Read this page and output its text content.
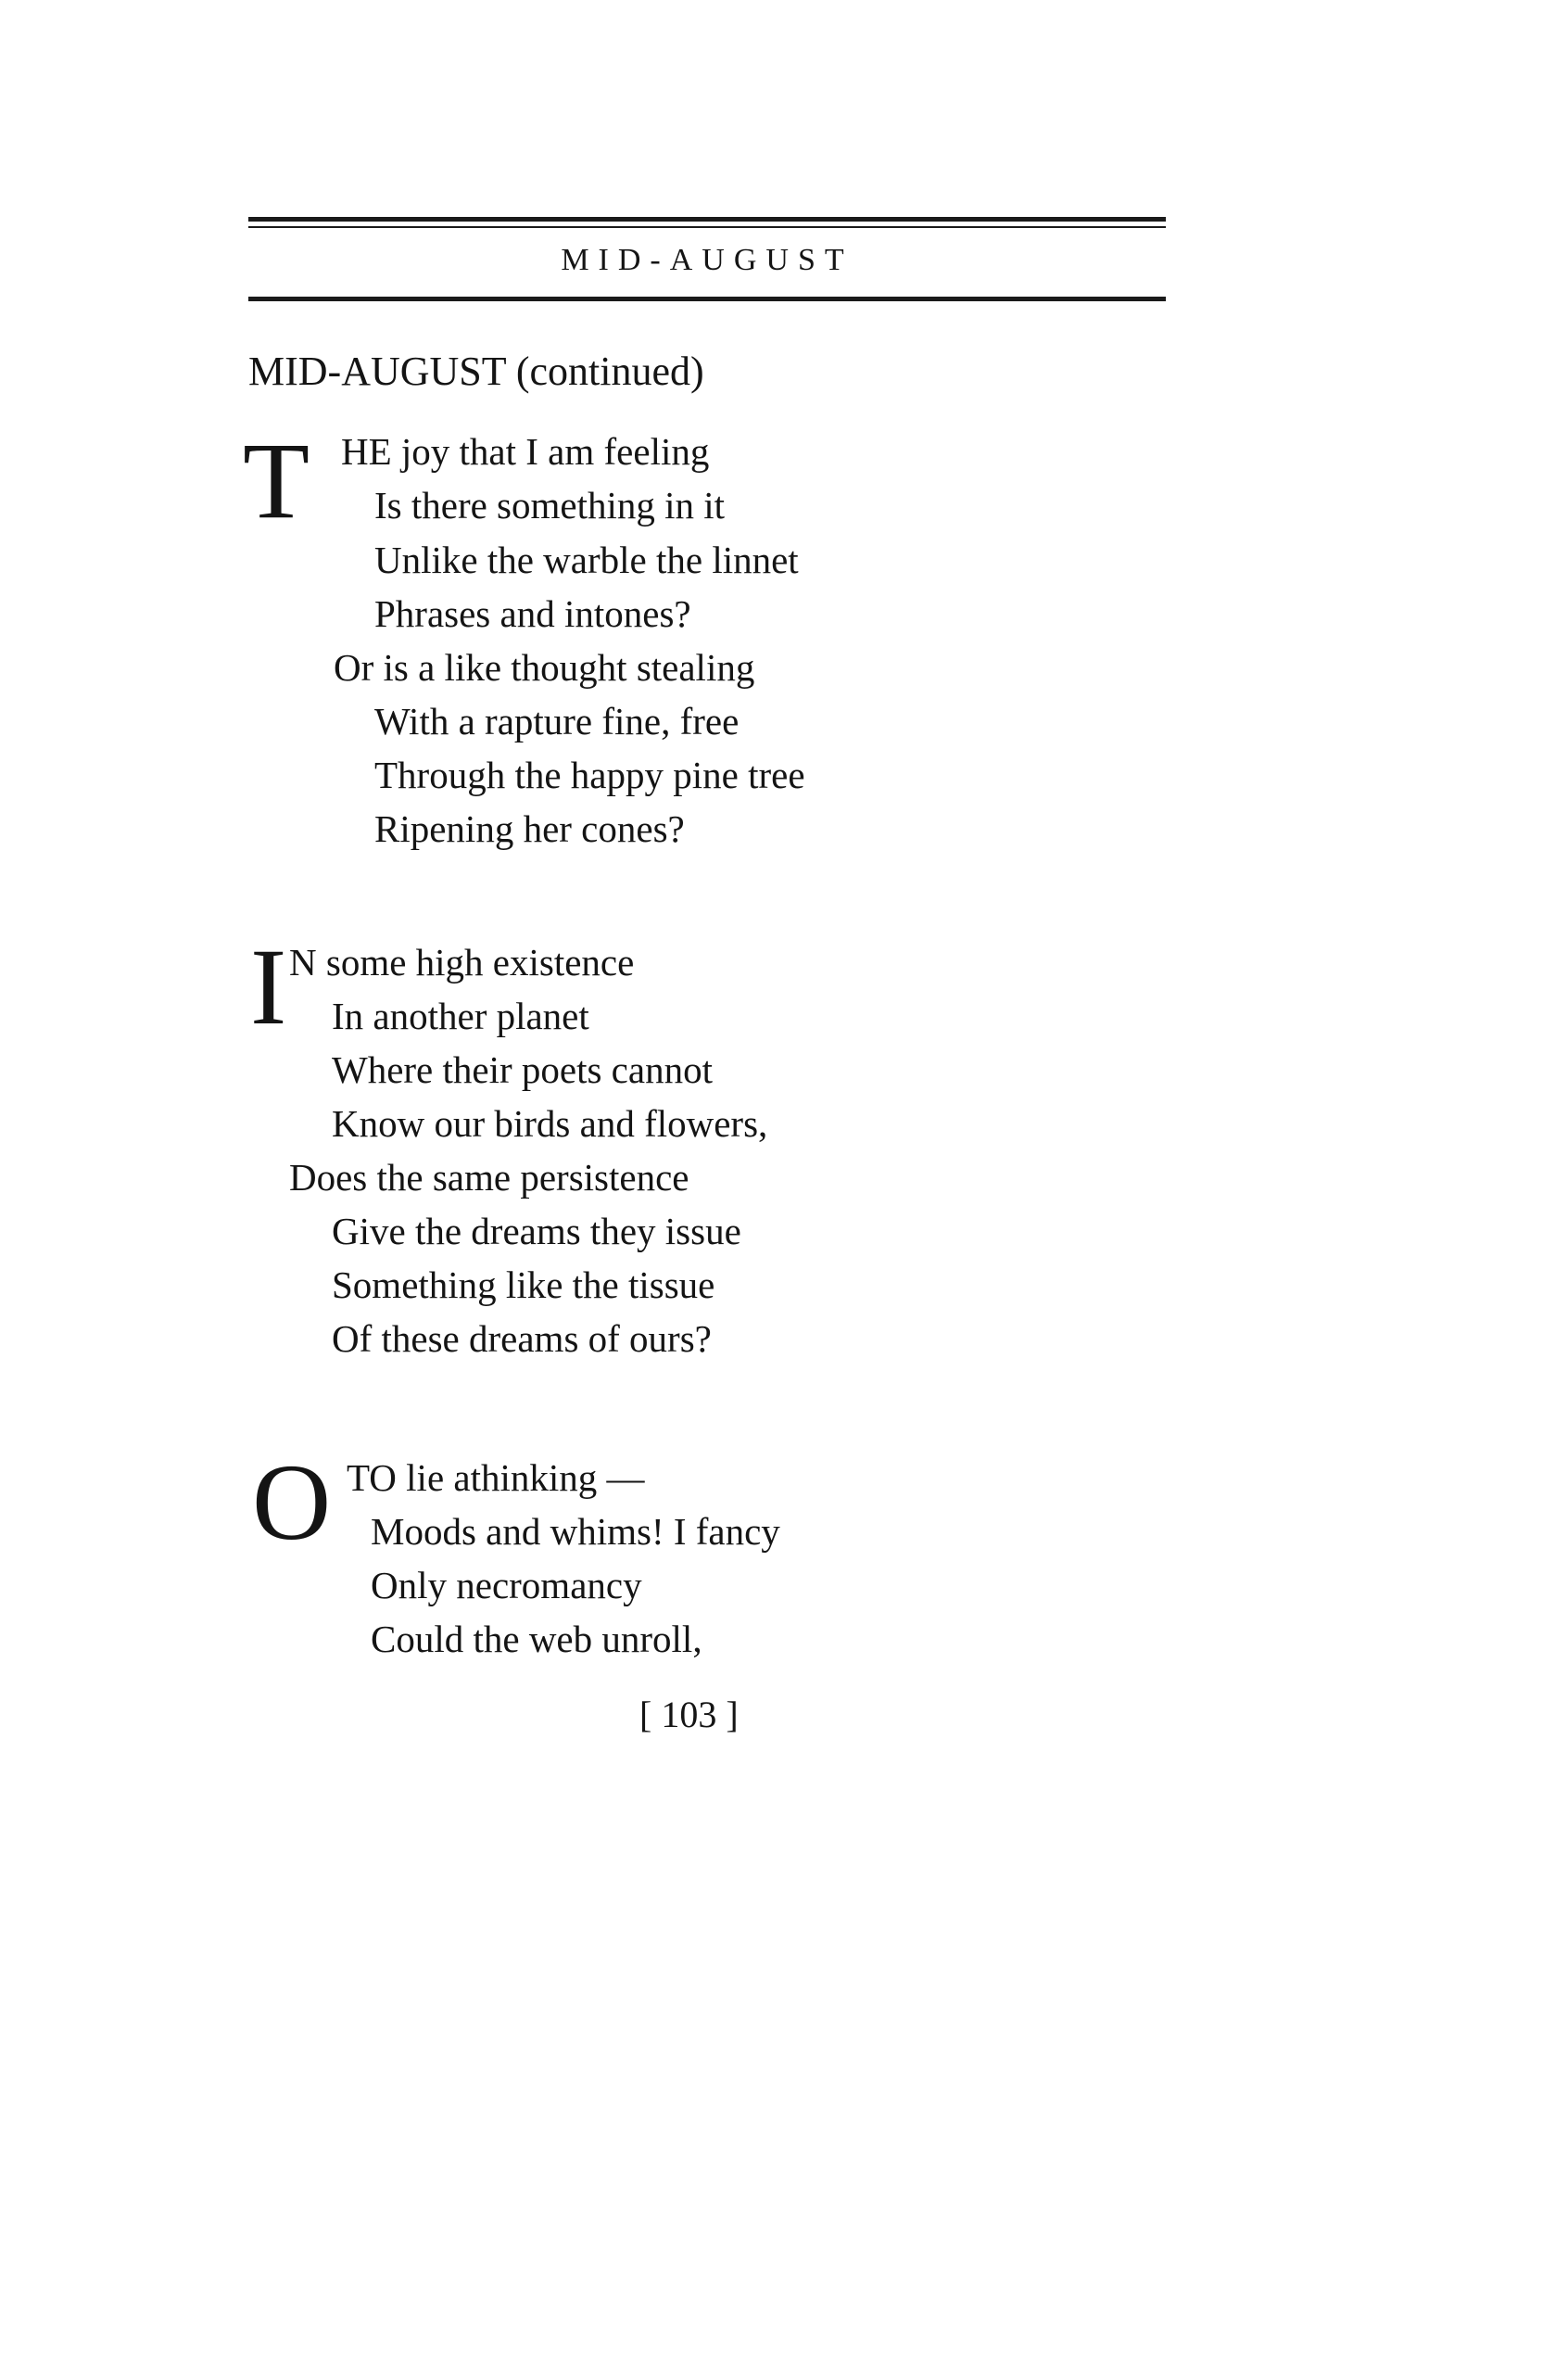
MID-AUGUST
MID-AUGUST (continued)
T HE joy that I am feeling
Is there something in it
Unlike the warble the linnet
Phrases and intones?
Or is a like thought stealing
With a rapture fine, free
Through the happy pine tree
Ripening her cones?
I N some high existence
In another planet
Where their poets cannot
Know our birds and flowers,
Does the same persistence
Give the dreams they issue
Something like the tissue
Of these dreams of ours?
O TO lie athinking —
Moods and whims! I fancy
Only necromancy
Could the web unroll,
[ 103 ]
